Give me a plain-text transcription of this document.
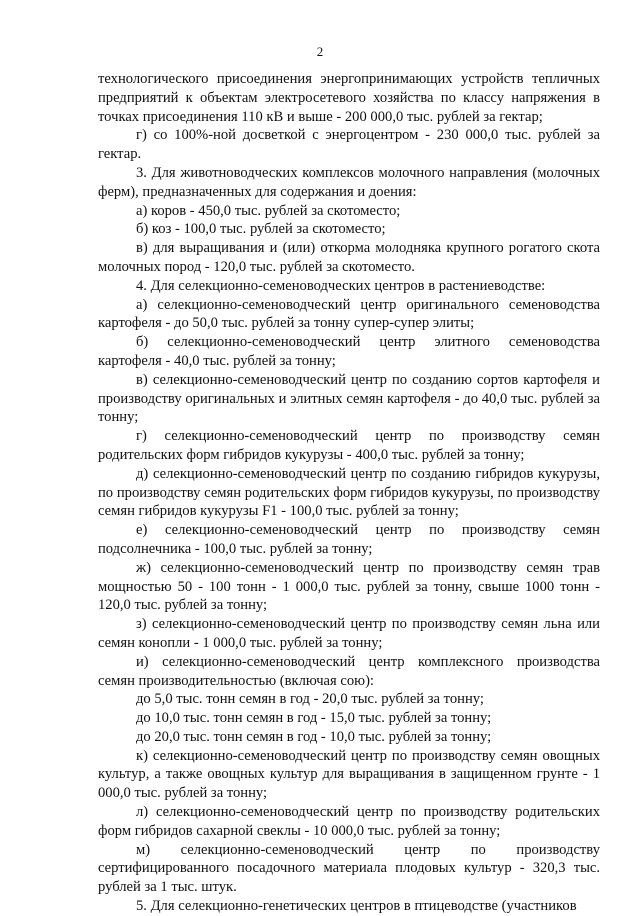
2

технологического присоединения энергопринимающих устройств тепличных предприятий к объектам электросетевого хозяйства по классу напряжения в точках присоединения 110 кВ и выше - 200 000,0 тыс. рублей за гектар;

г) со 100%-ной досветкой с энергоцентром - 230 000,0 тыс. рублей за гектар.

3. Для животноводческих комплексов молочного направления (молочных ферм), предназначенных для содержания и доения:

а) коров - 450,0 тыс. рублей за скотоместо;

б) коз - 100,0 тыс. рублей за скотоместо;

в) для выращивания и (или) откорма молодняка крупного рогатого скота молочных пород - 120,0 тыс. рублей за скотоместо.

4. Для селекционно-семеноводческих центров в растениеводстве:

а) селекционно-семеноводческий центр оригинального семеноводства картофеля - до 50,0 тыс. рублей за тонну супер-супер элиты;

б) селекционно-семеноводческий центр элитного семеноводства картофеля - 40,0 тыс. рублей за тонну;

в) селекционно-семеноводческий центр по созданию сортов картофеля и производству оригинальных и элитных семян картофеля - до 40,0 тыс. рублей за тонну;

г) селекционно-семеноводческий центр по производству семян родительских форм гибридов кукурузы - 400,0 тыс. рублей за тонну;

д) селекционно-семеноводческий центр по созданию гибридов кукурузы, по производству семян родительских форм гибридов кукурузы, по производству семян гибридов кукурузы F1 - 100,0 тыс. рублей за тонну;

е) селекционно-семеноводческий центр по производству семян подсолнечника - 100,0 тыс. рублей за тонну;

ж) селекционно-семеноводческий центр по производству семян трав мощностью 50 - 100 тонн - 1 000,0 тыс. рублей за тонну, свыше 1000 тонн - 120,0 тыс. рублей за тонну;

з) селекционно-семеноводческий центр по производству семян льна или семян конопли - 1 000,0 тыс. рублей за тонну;

и) селекционно-семеноводческий центр комплексного производства семян производительностью (включая сою):

до 5,0 тыс. тонн семян в год - 20,0 тыс. рублей за тонну;

до 10,0 тыс. тонн семян в год - 15,0 тыс. рублей за тонну;

до 20,0 тыс. тонн семян в год - 10,0 тыс. рублей за тонну;

к) селекционно-семеноводческий центр по производству семян овощных культур, а также овощных культур для выращивания в защищенном грунте - 1 000,0 тыс. рублей за тонну;

л) селекционно-семеноводческий центр по производству родительских форм гибридов сахарной свеклы - 10 000,0 тыс. рублей за тонну;

м) селекционно-семеноводческий центр по производству сертифицированного посадочного материала плодовых культур - 320,3 тыс. рублей за 1 тыс. штук.

5. Для селекционно-генетических центров в птицеводстве (участников
